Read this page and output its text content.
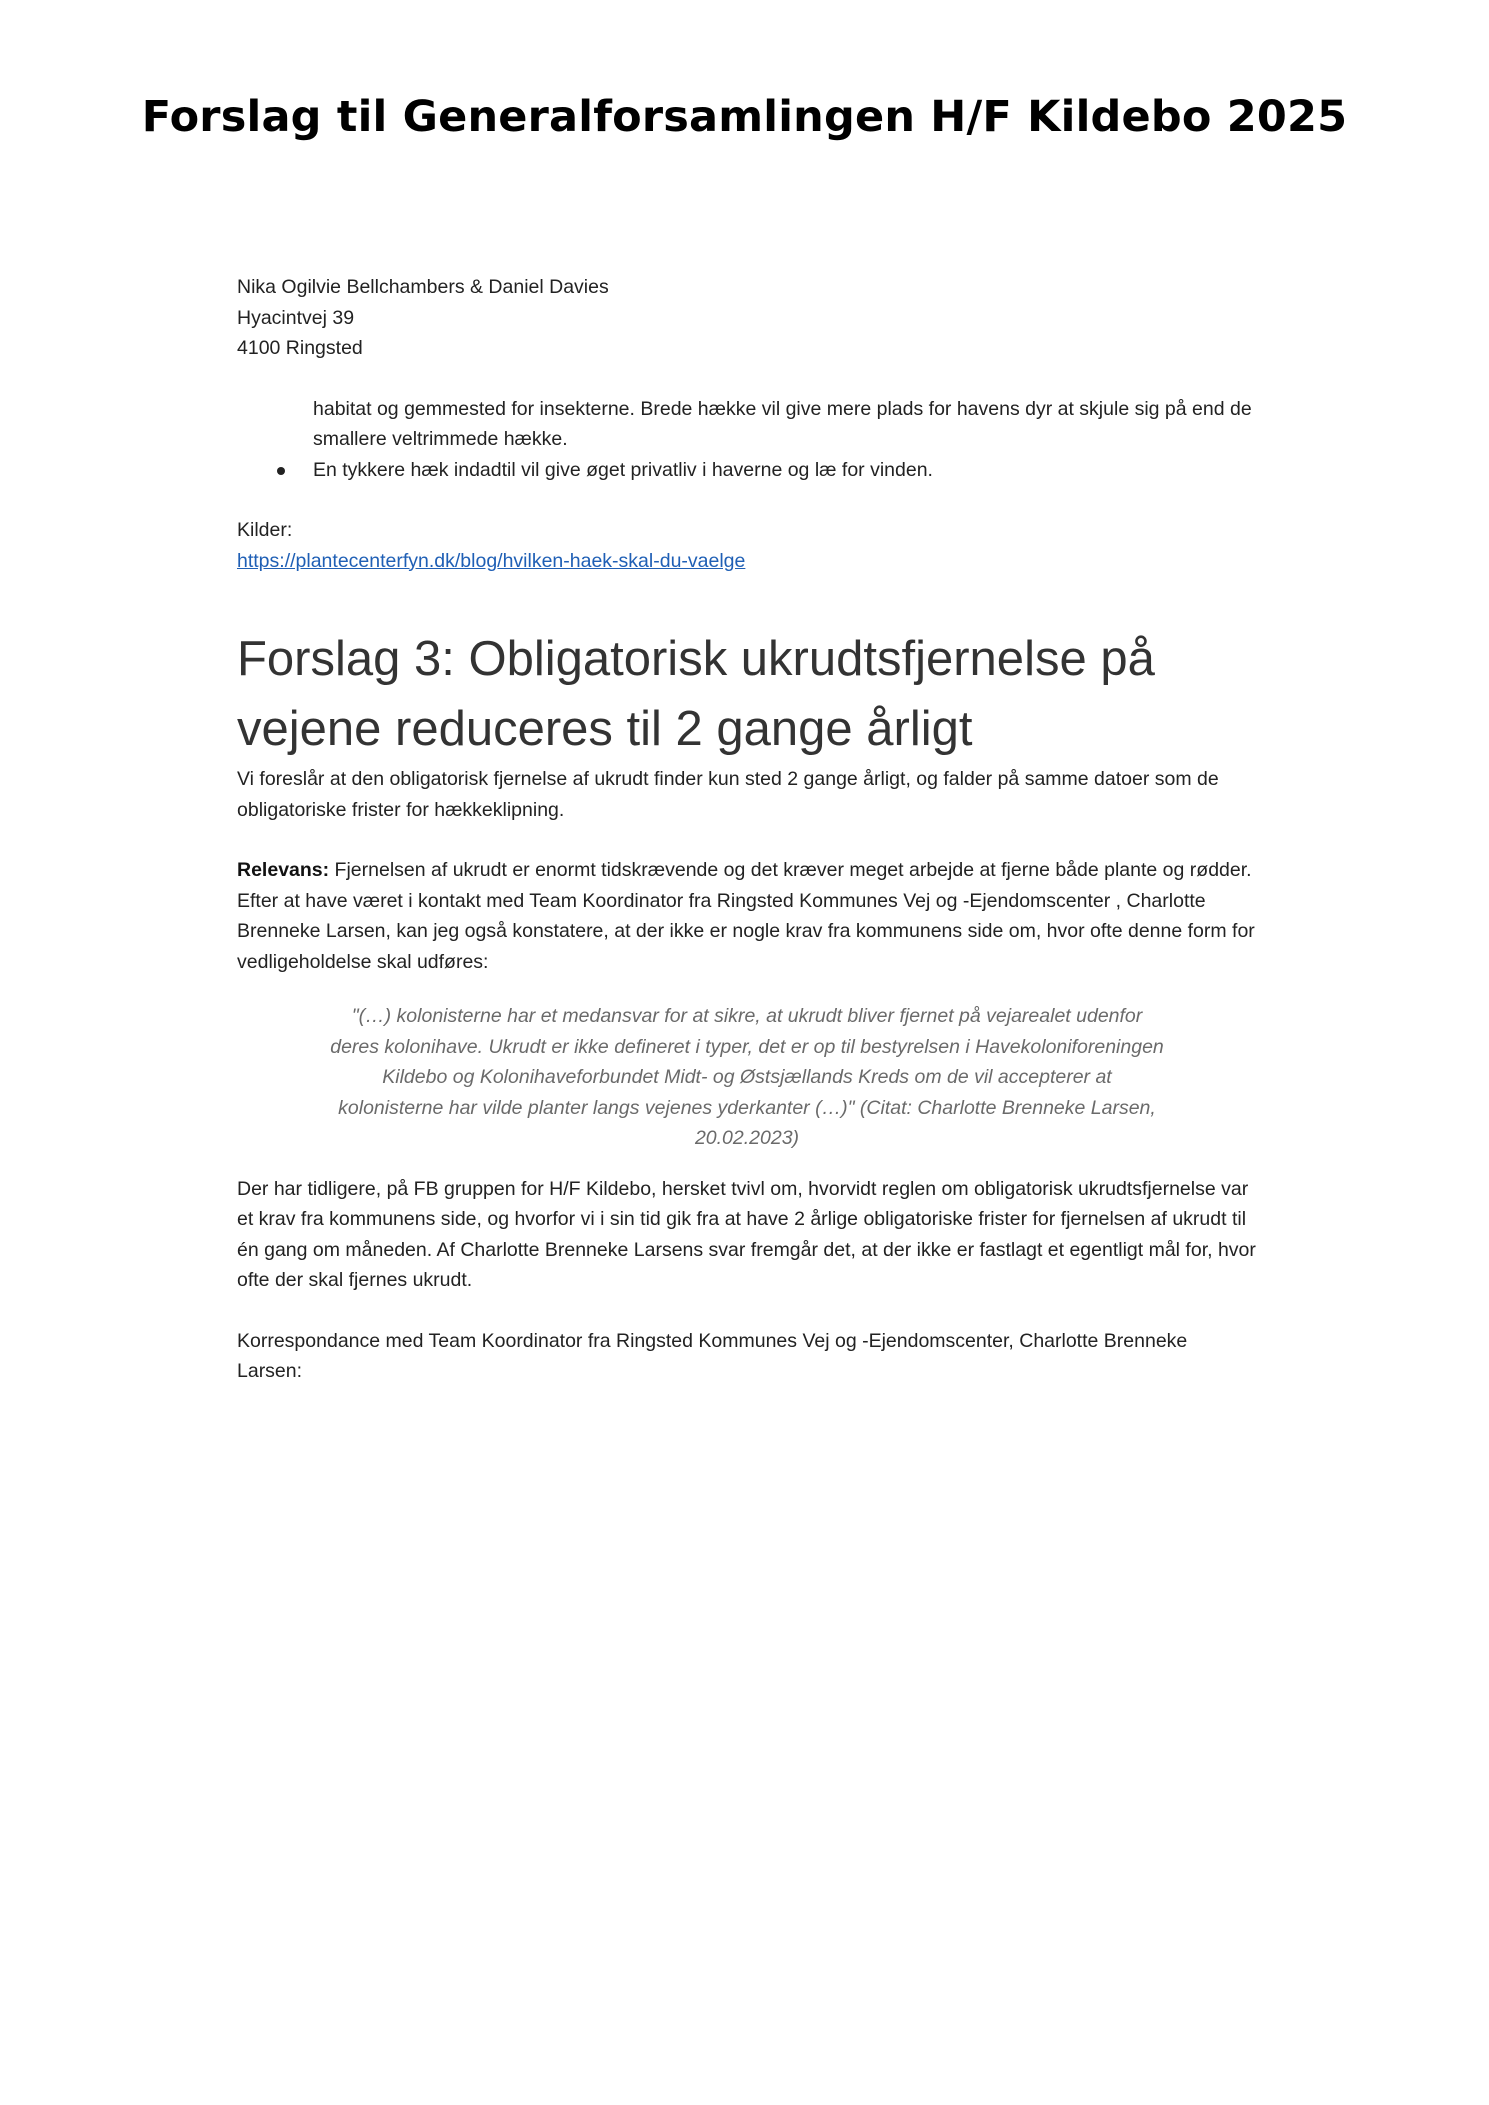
Forslag til Generalforsamlingen H/F Kildebo 2025

Nika Ogilvie Bellchambers & Daniel Davies

Hyacintvej 39

4100 Ringsted

habitat og gemmested for insekterne. Brede hække vil give mere plads for havens dyr at skjule sig på end de smallere veltrimmede hække.

En tykkere hæk indadtil vil give øget privatliv i haverne og læ for vinden.

Kilder:

https://plantecenterfyn.dk/blog/hvilken-haek-skal-du-vaelge

Forslag 3: Obligatorisk ukrudtsfjernelse på vejene reduceres til 2 gange årligt

Vi foreslår at den obligatorisk fjernelse af ukrudt finder kun sted 2 gange årligt, og falder på samme datoer som de obligatoriske frister for hækkeklipning.

Relevans: Fjernelsen af ukrudt er enormt tidskrævende og det kræver meget arbejde at fjerne både plante og rødder. Efter at have været i kontakt med Team Koordinator fra Ringsted Kommunes Vej og -Ejendomscenter , Charlotte Brenneke Larsen, kan jeg også konstatere, at der ikke er nogle krav fra kommunens side om, hvor ofte denne form for vedligeholdelse skal udføres:

"(…) kolonisterne har et medansvar for at sikre, at ukrudt bliver fjernet på vejarealet udenfor deres kolonihave. Ukrudt er ikke defineret i typer, det er op til bestyrelsen i Havekoloniforeningen Kildebo og Kolonihaveforbundet Midt- og Østsjællands Kreds om de vil accepterer at kolonisterne har vilde planter langs vejenes yderkanter (…)" (Citat: Charlotte Brenneke Larsen, 20.02.2023)

Der har tidligere, på FB gruppen for H/F Kildebo, hersket tvivl om, hvorvidt reglen om obligatorisk ukrudtsfjernelse var et krav fra kommunens side, og hvorfor vi i sin tid gik fra at have 2 årlige obligatoriske frister for fjernelsen af ukrudt til én gang om måneden. Af Charlotte Brenneke Larsens svar fremgår det, at der ikke er fastlagt et egentligt mål for, hvor ofte der skal fjernes ukrudt.

Korrespondance med Team Koordinator fra Ringsted Kommunes Vej og -Ejendomscenter, Charlotte Brenneke Larsen:
